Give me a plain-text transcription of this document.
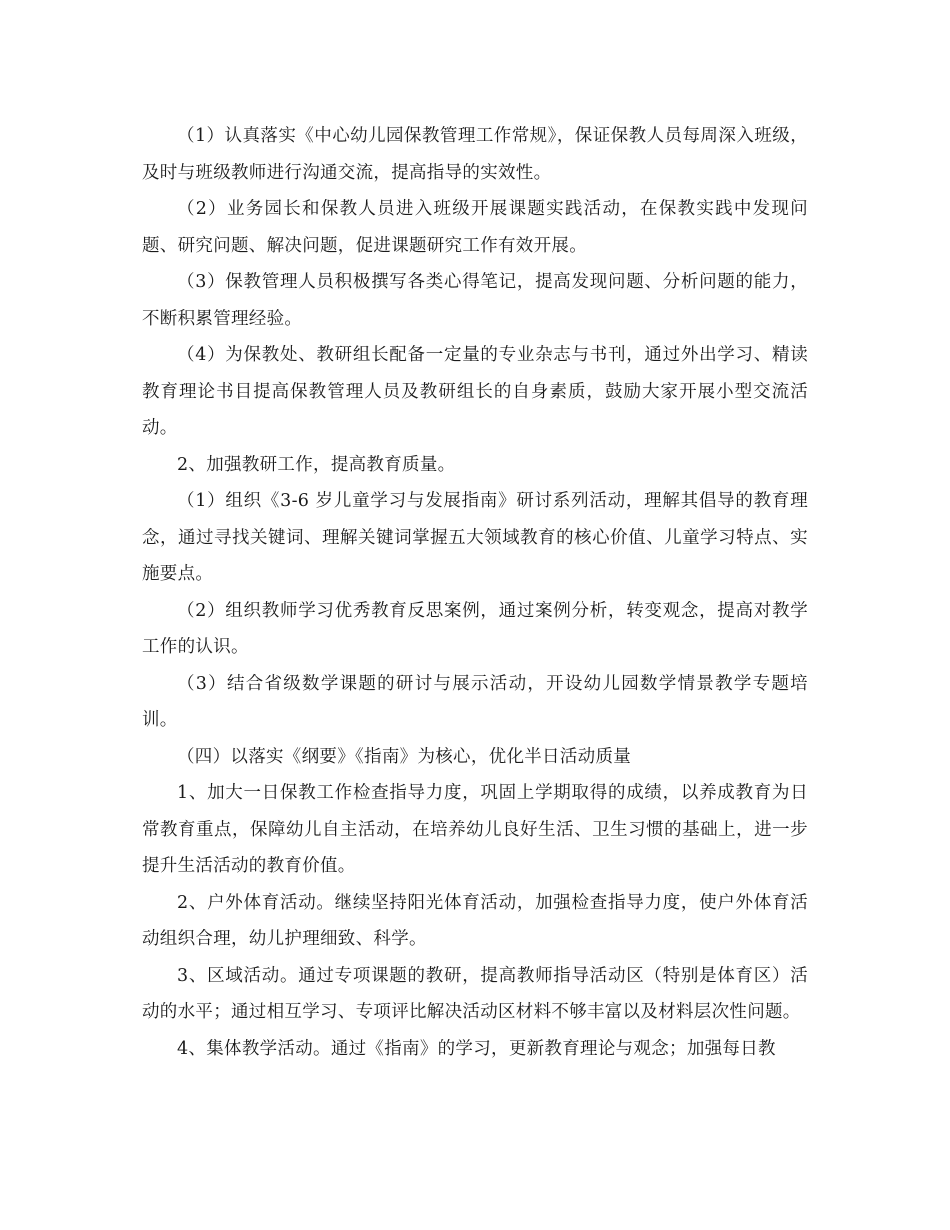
（1）认真落实《中心幼儿园保教管理工作常规》，保证保教人员每周深入班级，及时与班级教师进行沟通交流，提高指导的实效性。

（2）业务园长和保教人员进入班级开展课题实践活动，在保教实践中发现问题、研究问题、解决问题，促进课题研究工作有效开展。

（3）保教管理人员积极撰写各类心得笔记，提高发现问题、分析问题的能力，不断积累管理经验。

（4）为保教处、教研组长配备一定量的专业杂志与书刊，通过外出学习、精读教育理论书目提高保教管理人员及教研组长的自身素质，鼓励大家开展小型交流活动。

2、加强教研工作，提高教育质量。

（1）组织《3-6 岁儿童学习与发展指南》研讨系列活动，理解其倡导的教育理念，通过寻找关键词、理解关键词掌握五大领域教育的核心价值、儿童学习特点、实施要点。

（2）组织教师学习优秀教育反思案例，通过案例分析，转变观念，提高对教学工作的认识。

（3）结合省级数学课题的研讨与展示活动，开设幼儿园数学情景教学专题培训。

（四）以落实《纲要》《指南》为核心，优化半日活动质量

1、加大一日保教工作检查指导力度，巩固上学期取得的成绩，以养成教育为日常教育重点，保障幼儿自主活动，在培养幼儿良好生活、卫生习惯的基础上，进一步提升生活活动的教育价值。

2、户外体育活动。继续坚持阳光体育活动，加强检查指导力度，使户外体育活动组织合理，幼儿护理细致、科学。

3、区域活动。通过专项课题的教研，提高教师指导活动区（特别是体育区）活动的水平；通过相互学习、专项评比解决活动区材料不够丰富以及材料层次性问题。

4、集体教学活动。通过《指南》的学习，更新教育理论与观念；加强每日教
